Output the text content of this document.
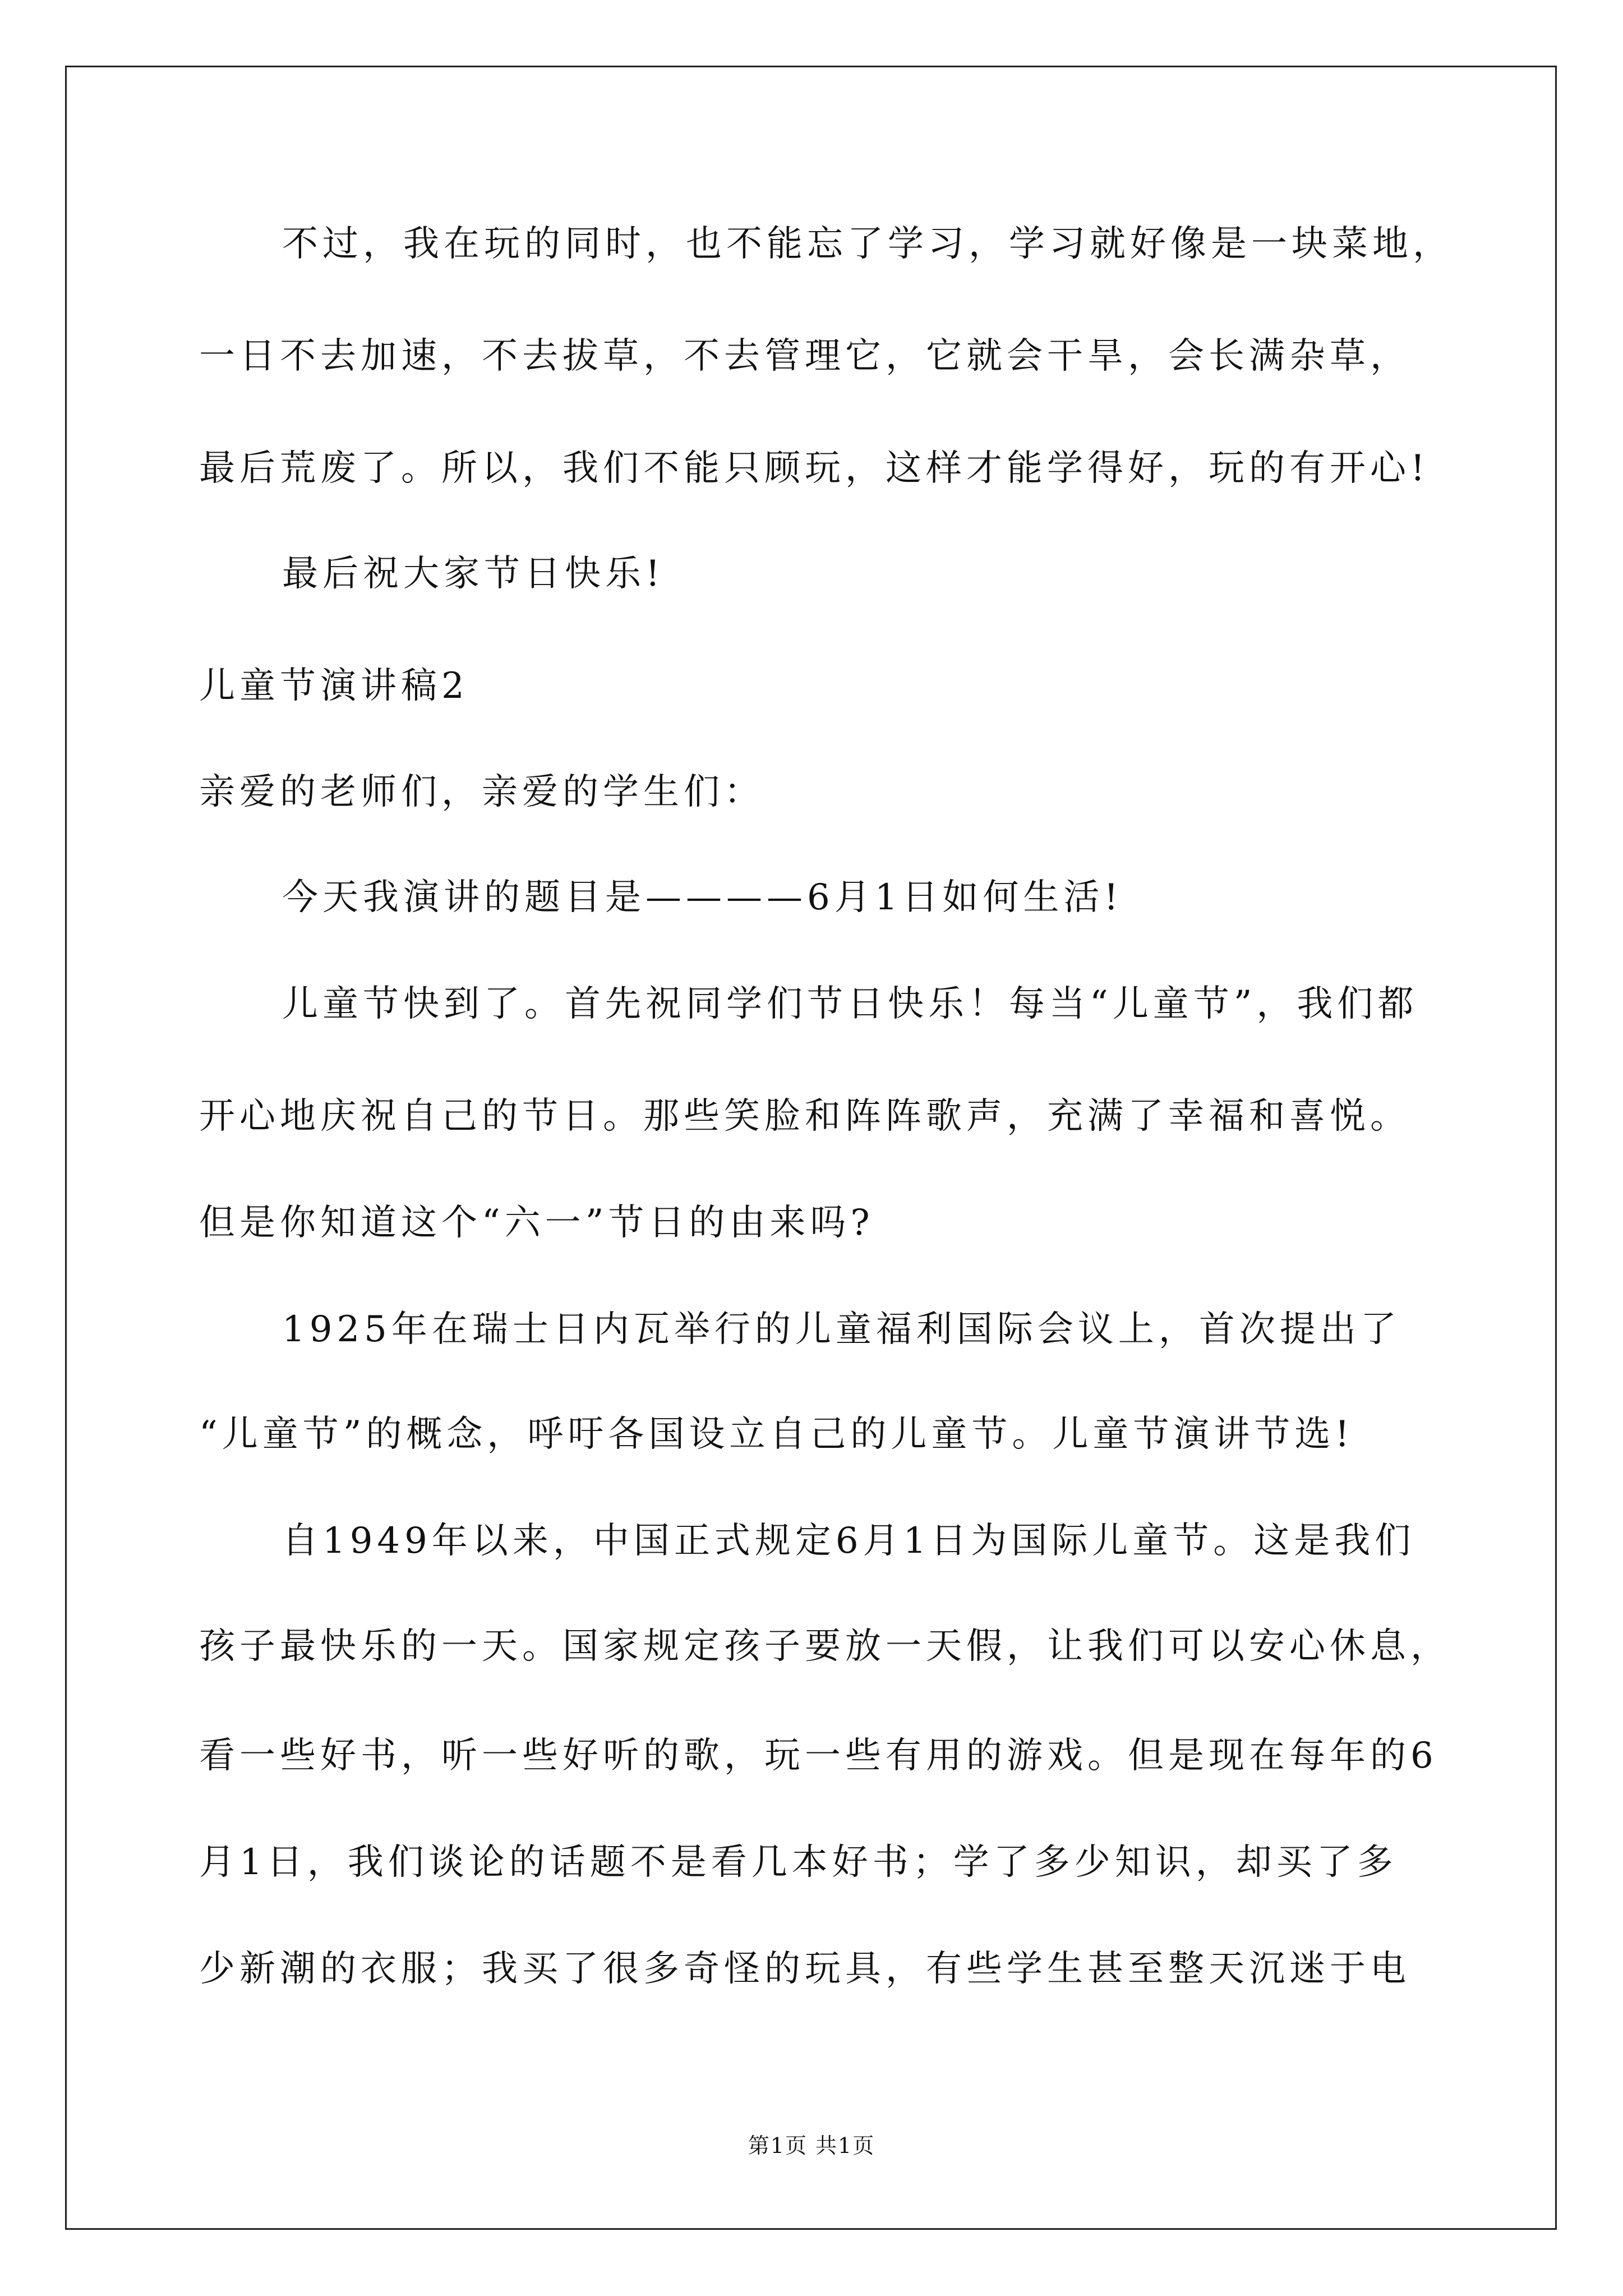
不过，我在玩的同时，也不能忘了学习，学习就好像是一块菜地，
一日不去加速，不去拔草，不去管理它，它就会干旱，会长满杂草，
最后荒废了。所以，我们不能只顾玩，这样才能学得好，玩的有开心!
最后祝大家节日快乐!
儿童节演讲稿2
亲爱的老师们，亲爱的学生们：
今天我演讲的题目是————6月1日如何生活!
儿童节快到了。首先祝同学们节日快乐！每当“儿童节”，我们都
开心地庆祝自己的节日。那些笑脸和阵阵歌声，充满了幸福和喜悦。
但是你知道这个“六一”节日的由来吗?
1925年在瑞士日内瓦举行的儿童福利国际会议上，首次提出了
“儿童节”的概念，呼吁各国设立自己的儿童节。儿童节演讲节选!
自1949年以来，中国正式规定6月1日为国际儿童节。这是我们
孩子最快乐的一天。国家规定孩子要放一天假，让我们可以安心休息，
看一些好书，听一些好听的歌，玩一些有用的游戏。但是现在每年的6
月1日，我们谈论的话题不是看几本好书；学了多少知识，却买了多
少新潮的衣服；我买了很多奇怪的玩具，有些学生甚至整天沉迷于电
第1页 共1页
